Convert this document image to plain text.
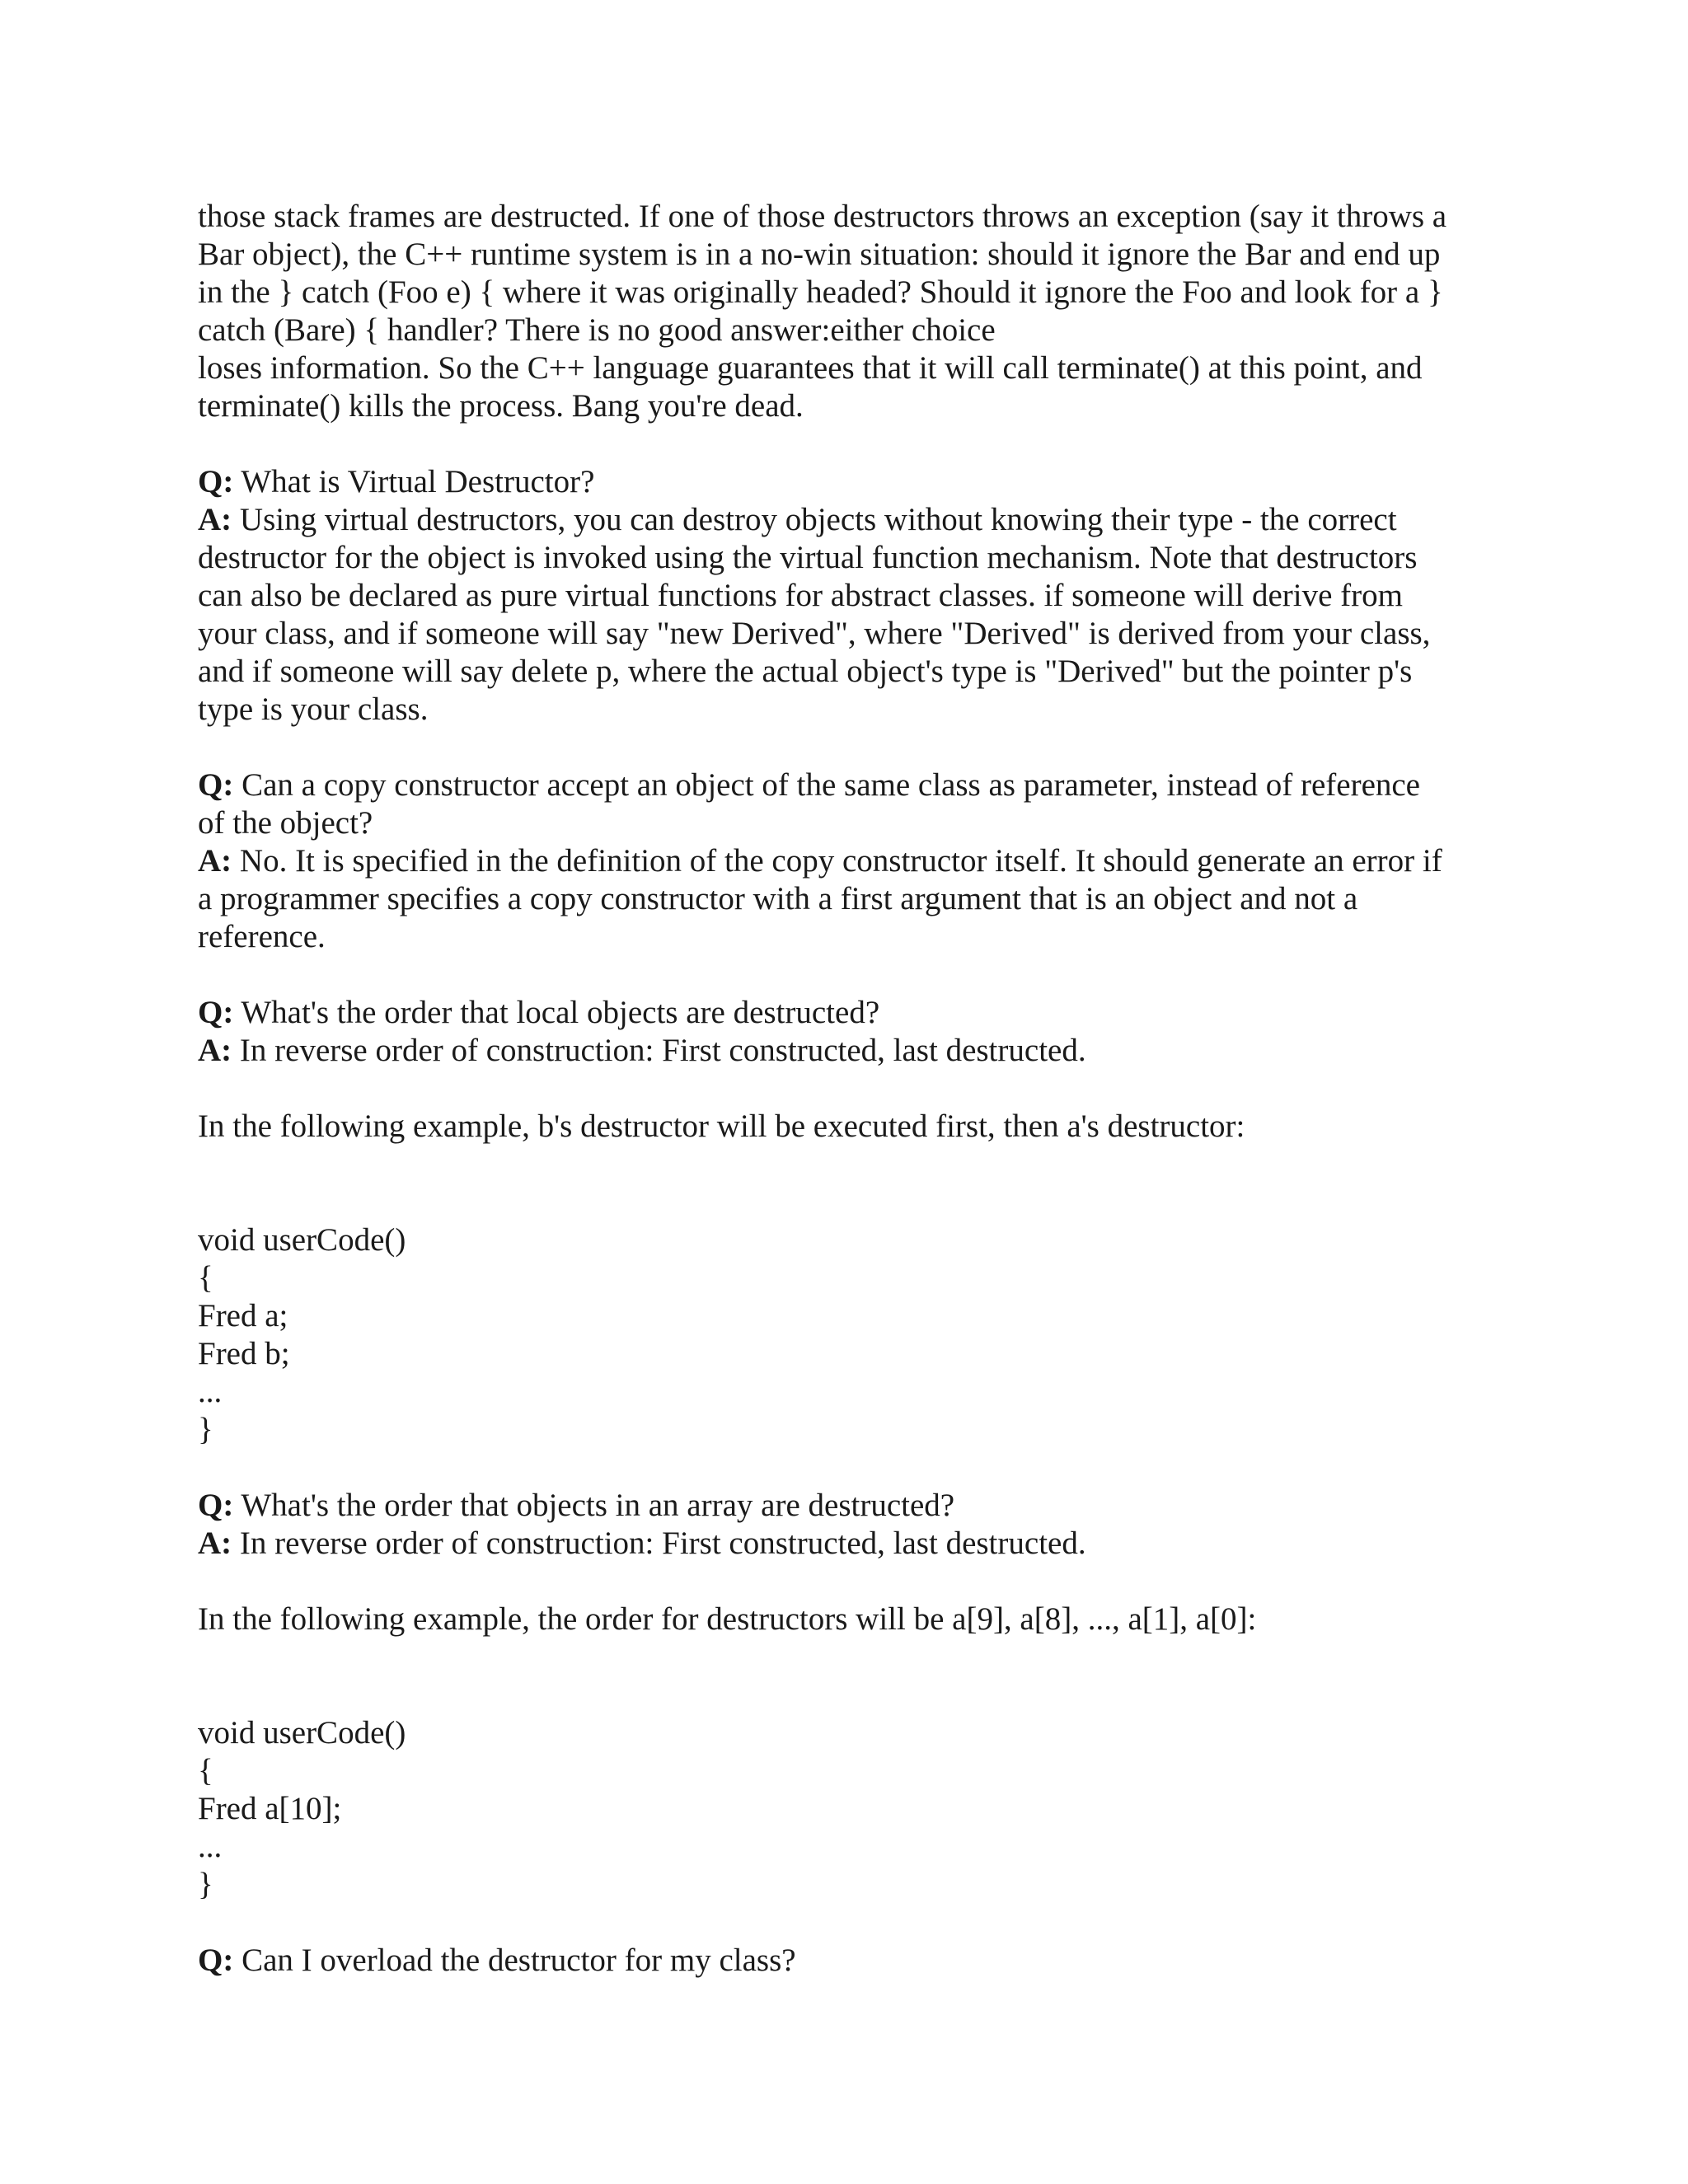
those stack frames are destructed. If one of those destructors throws an exception (say it throws a
Bar object), the C++ runtime system is in a no-win situation: should it ignore the Bar and end up
in the } catch (Foo e) { where it was originally headed? Should it ignore the Foo and look for a }
catch (Bare) { handler? There is no good answer:either choice
loses information. So the C++ language guarantees that it will call terminate() at this point, and
terminate() kills the process. Bang you're dead.
Q: What is Virtual Destructor?
A: Using virtual destructors, you can destroy objects without knowing their type - the correct
destructor for the object is invoked using the virtual function mechanism. Note that destructors
can also be declared as pure virtual functions for abstract classes. if someone will derive from
your class, and if someone will say "new Derived", where "Derived" is derived from your class,
and if someone will say delete p, where the actual object's type is "Derived" but the pointer p's
type is your class.
Q: Can a copy constructor accept an object of the same class as parameter, instead of reference
of the object?
A: No. It is specified in the definition of the copy constructor itself. It should generate an error if
a programmer specifies a copy constructor with a first argument that is an object and not a
reference.
Q: What's the order that local objects are destructed?
A: In reverse order of construction: First constructed, last destructed.
In the following example, b's destructor will be executed first, then a's destructor:
void userCode()
{
Fred a;
Fred b;
...
}
Q: What's the order that objects in an array are destructed?
A: In reverse order of construction: First constructed, last destructed.
In the following example, the order for destructors will be a[9], a[8], ..., a[1], a[0]:
void userCode()
{
Fred a[10];
...
}
Q: Can I overload the destructor for my class?
